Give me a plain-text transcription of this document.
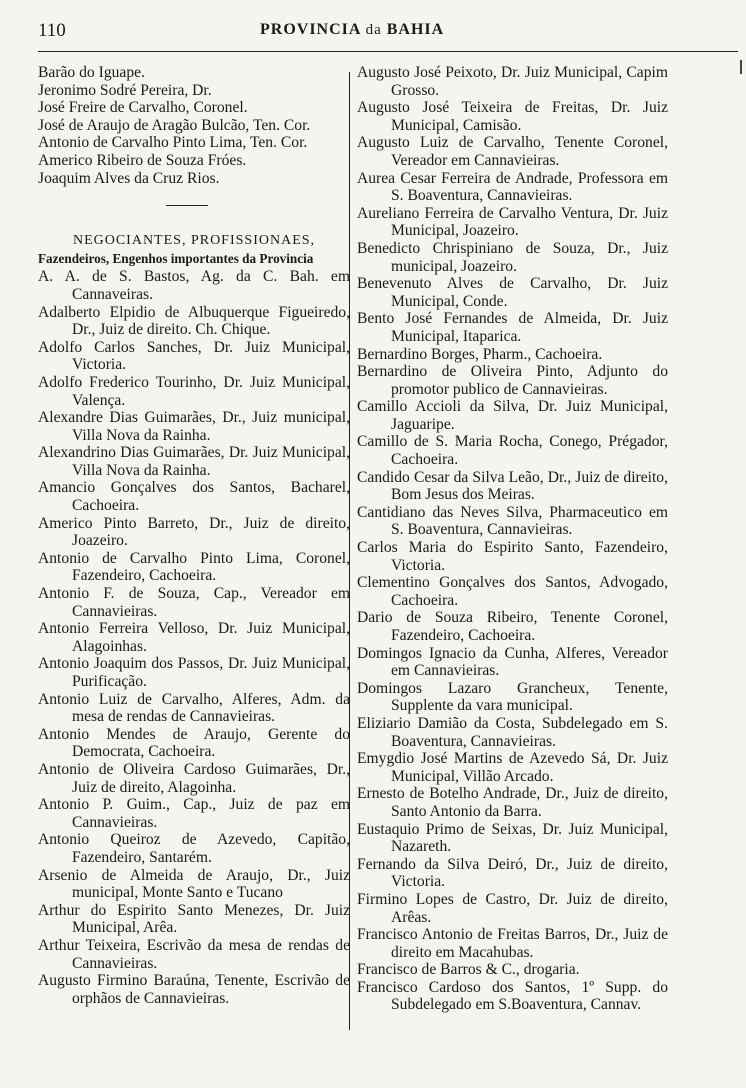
110	PROVINCIA da BAHIA
Barão do Iguape.
Jeronimo Sodré Pereira, Dr.
José Freire de Carvalho, Coronel.
José de Araujo de Aragão Bulcão, Ten. Cor.
Antonio de Carvalho Pinto Lima, Ten. Cor.
Americo Ribeiro de Souza Fróes.
Joaquim Alves da Cruz Rios.
NEGOCIANTES, PROFISSIONAES,
Fazendeiros, Engenhos importantes da Provincia
A. A. de S. Bastos, Ag. da C. Bah. em Cannaveiras.
Adalberto Elpidio de Albuquerque Figueiredo, Dr., Juiz de direito. Ch. Chique.
Adolfo Carlos Sanches, Dr. Juiz Municipal, Victoria.
Adolfo Frederico Tourinho, Dr. Juiz Municipal, Valença.
Alexandre Dias Guimarães, Dr., Juiz municipal, Villa Nova da Rainha.
Alexandrino Dias Guimarães, Dr. Juiz Municipal, Villa Nova da Rainha.
Amancio Gonçalves dos Santos, Bacharel, Cachoeira.
Americo Pinto Barreto, Dr., Juiz de direito, Joazeiro.
Antonio de Carvalho Pinto Lima, Coronel, Fazendeiro, Cachoeira.
Antonio F. de Souza, Cap., Vereador em Cannavieiras.
Antonio Ferreira Velloso, Dr. Juiz Municipal, Alagoinhas.
Antonio Joaquim dos Passos, Dr. Juiz Municipal, Purificação.
Antonio Luiz de Carvalho, Alferes, Adm. da mesa de rendas de Cannavieiras.
Antonio Mendes de Araujo, Gerente do Democrata, Cachoeira.
Antonio de Oliveira Cardoso Guimarães, Dr., Juiz de direito, Alagoinha.
Antonio P. Guim., Cap., Juiz de paz em Cannavieiras.
Antonio Queiroz de Azevedo, Capitão, Fazendeiro, Santarém.
Arsenio de Almeida de Araujo, Dr., Juiz municipal, Monte Santo e Tucano
Arthur do Espirito Santo Menezes, Dr. Juiz Municipal, Arêa.
Arthur Teixeira, Escrivão da mesa de rendas de Cannavieiras.
Augusto Firmino Baraúna, Tenente, Escrivão de orphãos de Cannavieiras.
Augusto José Peixoto, Dr. Juiz Municipal, Capim Grosso.
Augusto José Teixeira de Freitas, Dr. Juiz Municipal, Camisão.
Augusto Luiz de Carvalho, Tenente Coronel, Vereador em Cannavieiras.
Aurea Cesar Ferreira de Andrade, Professora em S. Boaventura, Cannavieiras.
Aureliano Ferreira de Carvalho Ventura, Dr. Juiz Municipal, Joazeiro.
Benedicto Chrispiniano de Souza, Dr., Juiz municipal, Joazeiro.
Benevenuto Alves de Carvalho, Dr. Juiz Municipal, Conde.
Bento José Fernandes de Almeida, Dr. Juiz Municipal, Itaparica.
Bernardino Borges, Pharm., Cachoeira.
Bernardino de Oliveira Pinto, Adjunto do promotor publico de Cannavieiras.
Camillo Accioli da Silva, Dr. Juiz Municipal, Jaguaripe.
Camillo de S. Maria Rocha, Conego, Prégador, Cachoeira.
Candido Cesar da Silva Leão, Dr., Juiz de direito, Bom Jesus dos Meiras.
Cantidiano das Neves Silva, Pharmaceutico em S. Boaventura, Cannavieiras.
Carlos Maria do Espirito Santo, Fazendeiro, Victoria.
Clementino Gonçalves dos Santos, Advogado, Cachoeira.
Dario de Souza Ribeiro, Tenente Coronel, Fazendeiro, Cachoeira.
Domingos Ignacio da Cunha, Alferes, Vereador em Cannavieiras.
Domingos Lazaro Grancheux, Tenente, Supplente da vara municipal.
Eliziario Damião da Costa, Subdelegado em S. Boaventura, Cannavieiras.
Emygdio José Martins de Azevedo Sá, Dr. Juiz Municipal, Villão Arcado.
Ernesto de Botelho Andrade, Dr., Juiz de direito, Santo Antonio da Barra.
Eustaquio Primo de Seixas, Dr. Juiz Municipal, Nazareth.
Fernando da Silva Deiró, Dr., Juiz de direito, Victoria.
Firmino Lopes de Castro, Dr. Juiz de direito, Arêas.
Francisco Antonio de Freitas Barros, Dr., Juiz de direito em Macahubas.
Francisco de Barros & C., drogaria.
Francisco Cardoso dos Santos, 1º Supp. do Subdelegado em S.Boaventura, Cannav.
